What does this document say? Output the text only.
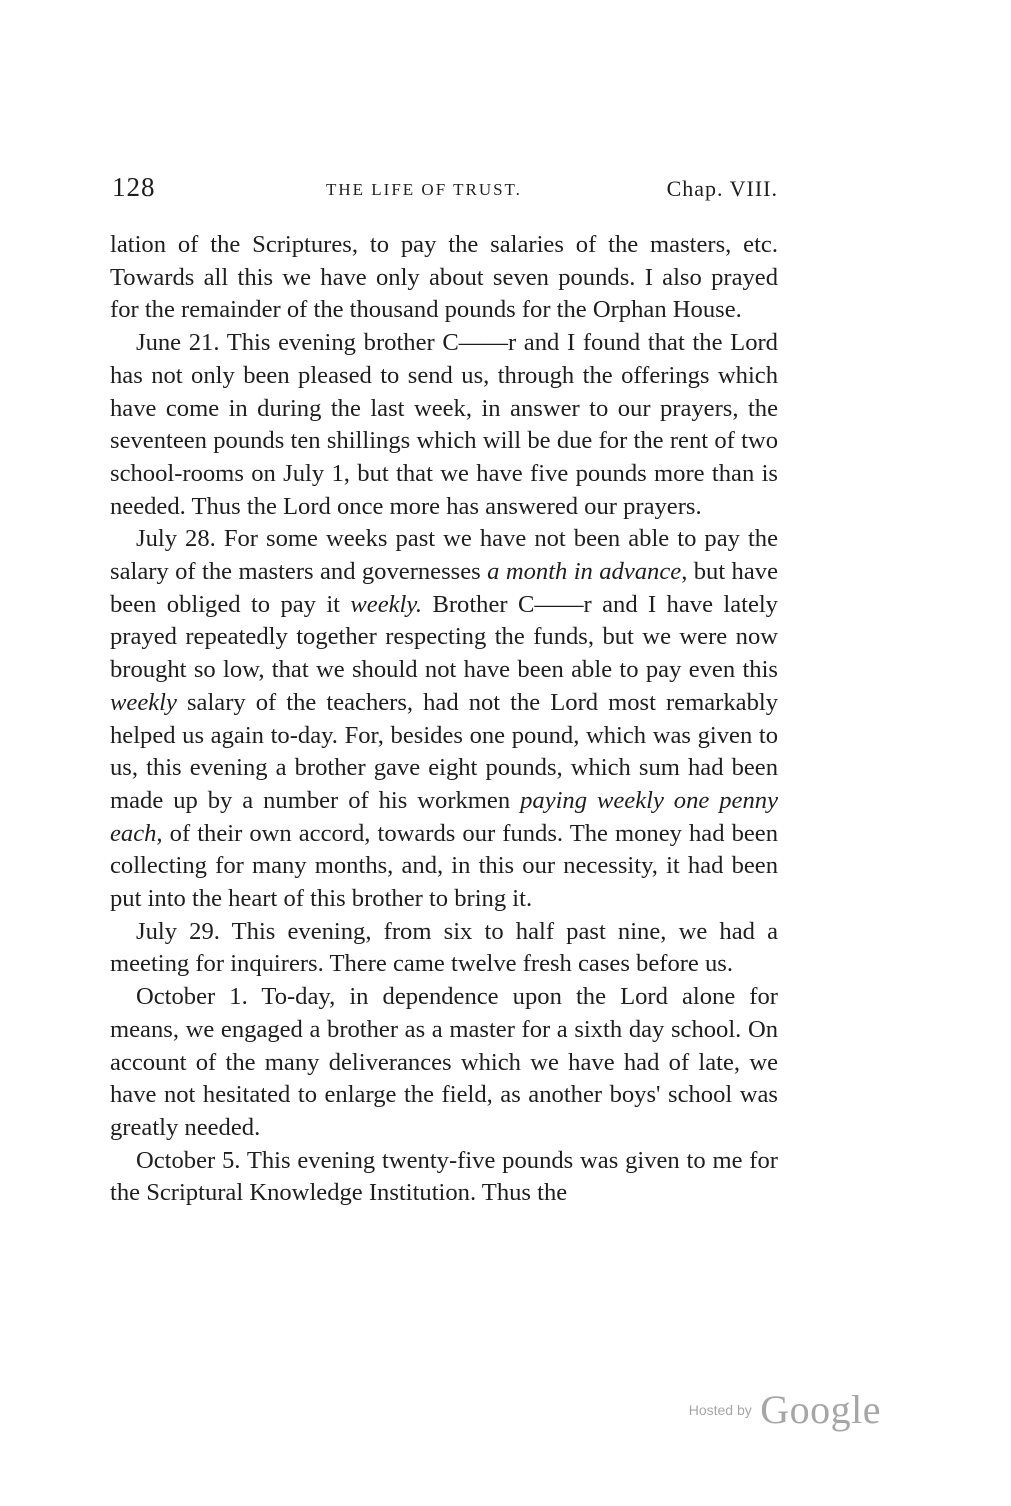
128	THE LIFE OF TRUST.	Chap. VIII.

lation of the Scriptures, to pay the salaries of the masters, etc. Towards all this we have only about seven pounds. I also prayed for the remainder of the thousand pounds for the Orphan House.

June 21. This evening brother C——r and I found that the Lord has not only been pleased to send us, through the offerings which have come in during the last week, in answer to our prayers, the seventeen pounds ten shillings which will be due for the rent of two school-rooms on July 1, but that we have five pounds more than is needed. Thus the Lord once more has answered our prayers.

July 28. For some weeks past we have not been able to pay the salary of the masters and governesses a month in advance, but have been obliged to pay it weekly. Brother C——r and I have lately prayed repeatedly together respecting the funds, but we were now brought so low, that we should not have been able to pay even this weekly salary of the teachers, had not the Lord most remarkably helped us again to-day. For, besides one pound, which was given to us, this evening a brother gave eight pounds, which sum had been made up by a number of his workmen paying weekly one penny each, of their own accord, towards our funds. The money had been collecting for many months, and, in this our necessity, it had been put into the heart of this brother to bring it.

July 29. This evening, from six to half past nine, we had a meeting for inquirers. There came twelve fresh cases before us.

October 1. To-day, in dependence upon the Lord alone for means, we engaged a brother as a master for a sixth day school. On account of the many deliverances which we have had of late, we have not hesitated to enlarge the field, as another boys' school was greatly needed.

October 5. This evening twenty-five pounds was given to me for the Scriptural Knowledge Institution. Thus the

Hosted by Google
